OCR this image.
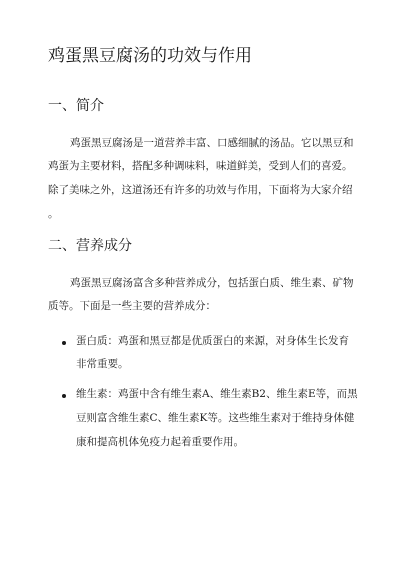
鸡蛋黑豆腐汤的功效与作用
一、简介

鸡蛋黑豆腐汤是一道营养丰富、口感细腻的汤品。它以黑豆和

鸡蛋为主要材料，搭配多种调味料，味道鲜美，受到人们的喜爱。

除了美味之外，这道汤还有许多的功效与作用，下面将为大家介绍

。

二、营养成分

鸡蛋黑豆腐汤富含多种营养成分，包括蛋白质、维生素、矿物

质等。下面是一些主要的营养成分：

蛋白质：鸡蛋和黑豆都是优质蛋白的来源，对身体生长发育

非常重要。

维生素：鸡蛋中含有维生素A、维生素B2、维生素E等，而黑

豆则富含维生素C、维生素K等。这些维生素对于维持身体健

康和提高机体免疫力起着重要作用。
